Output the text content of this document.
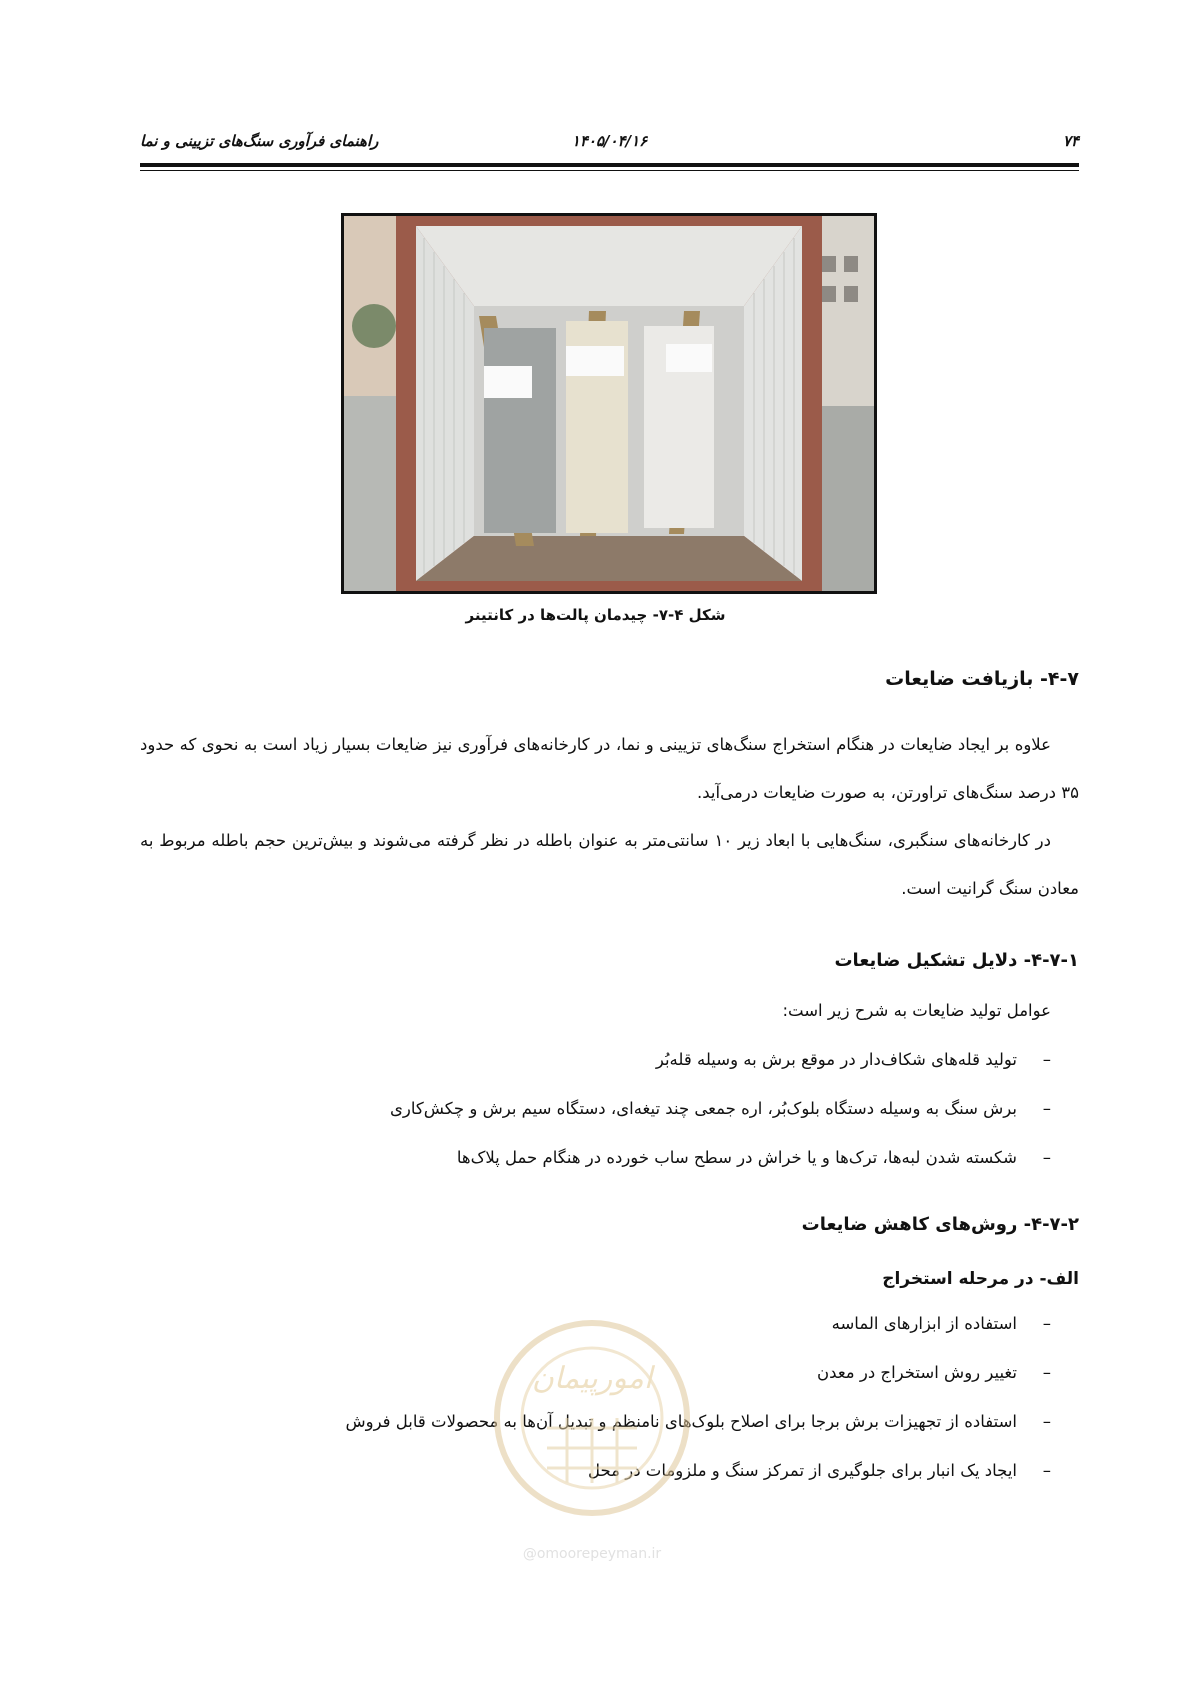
۷۴
۱۴۰۵/۰۴/۱۶
راهنمای فرآوری سنگ‌های تزیینی و نما
شکل ۴-۷- چیدمان پالت‌ها در کانتینر
۴-۷- بازیافت ضایعات

علاوه بر ایجاد ضایعات در هنگام استخراج سنگ‌های تزیینی و نما، در کارخانه‌های فرآوری نیز ضایعات بسیار زیاد است به نحوی که حدود ۳۵ درصد سنگ‌های تراورتن، به صورت ضایعات درمی‌آید.

در کارخانه‌های سنگبری، سنگ‌هایی با ابعاد زیر ۱۰ سانتی‌متر به عنوان باطله در نظر گرفته می‌شوند و بیش‌ترین حجم باطله مربوط به معادن سنگ گرانیت است.

۴-۷-۱- دلایل تشکیل ضایعات

عوامل تولید ضایعات به شرح زیر است:

– تولید قله‌های شکاف‌دار در موقع برش به وسیله قله‌بُر
– برش سنگ به وسیله دستگاه بلوک‌بُر، اره جمعی چند تیغه‌ای، دستگاه سیم برش و چکش‌کاری
– شکسته شدن لبه‌ها، ترک‌ها و یا خراش در سطح ساب خورده در هنگام حمل پلاک‌ها
۴-۷-۲- روش‌های کاهش ضایعات
الف- در مرحله استخراج
– استفاده از ابزارهای الماسه
– تغییر روش استخراج در معدن
– استفاده از تجهیزات برش برجا برای اصلاح بلوک‌های نامنظم و تبدیل آن‌ها به محصولات قابل فروش
– ایجاد یک انبار برای جلوگیری از تمرکز سنگ و ملزومات در محل
امورپیمان
@omoorepeyman.ir
